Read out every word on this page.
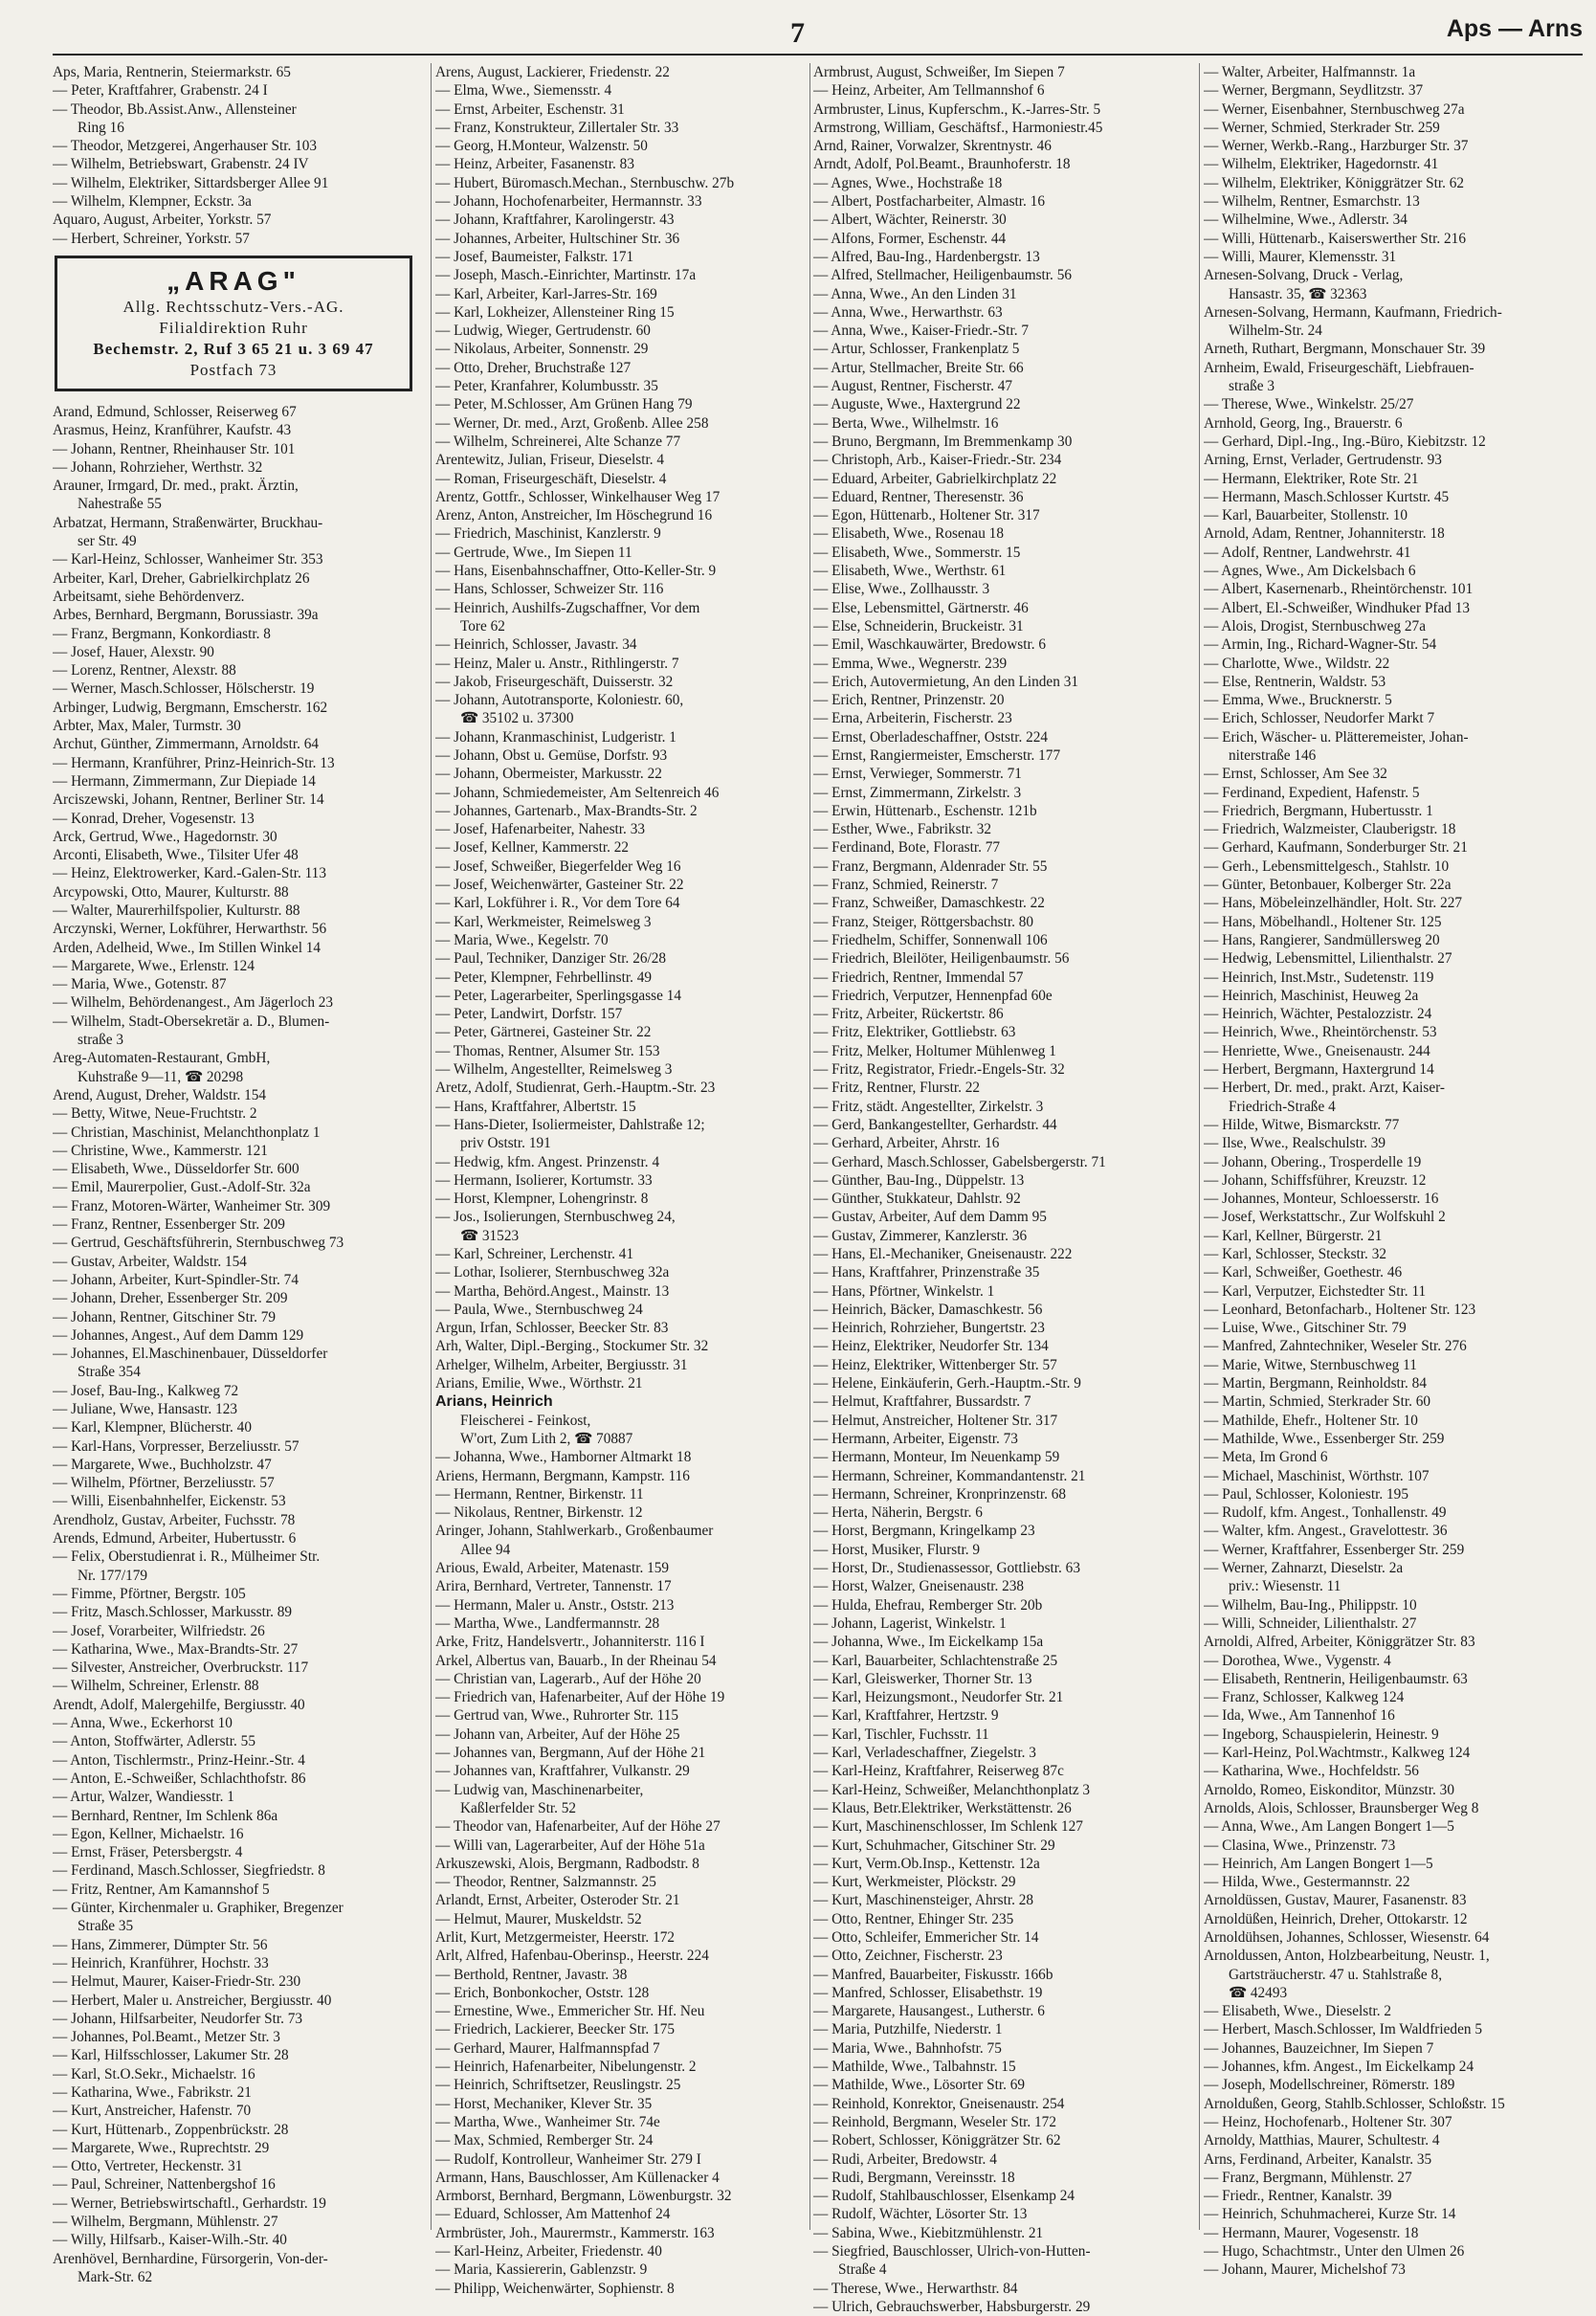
7	Aps — Arns
Aps, Maria, Rentnerin, Steiermarkstr. 65
— Peter, Kraftfahrer, Grabenstr. 24 I
— Theodor, Bb.Assist.Anw., Allensteiner
Ring 16
— Theodor, Metzgerei, Angerhauser Str. 103
— Wilhelm, Betriebswart, Grabenstr. 24 IV
— Wilhelm, Elektriker, Sittardsberger Allee 91
— Wilhelm, Klempner, Eckstr. 3a
Aquaro, August, Arbeiter, Yorkstr. 57
— Herbert, Schreiner, Yorkstr. 57
„ARAG"
Allg. Rechtsschutz-Vers.-AG.
Filialdirektion Ruhr
Bechemstr. 2, Ruf 3 65 21 u. 3 69 47
Postfach 73
Arand, Edmund, Schlosser, Reiserweg 67
Arasmus, Heinz, Kranführer, Kaufstr. 43
— Johann, Rentner, Rheinhauser Str. 101
— Johann, Rohrzieher, Werthstr. 32
Arauner, Irmgard, Dr. med., prakt. Ärztin,
Nahestraße 55
Arbatzat, Hermann, Straßenwärter, Bruckhau-
ser Str. 49
— Karl-Heinz, Schlosser, Wanheimer Str. 353
Arbeiter, Karl, Dreher, Gabrielkirchplatz 26
Arbeitsamt, siehe Behördenverz.
Arbes, Bernhard, Bergmann, Borussiastr. 39a
— Franz, Bergmann, Konkordiastr. 8
— Josef, Hauer, Alexstr. 90
— Lorenz, Rentner, Alexstr. 88
— Werner, Masch.Schlosser, Hölscherstr. 19
Arbinger, Ludwig, Bergmann, Emscherstr. 162
Arbter, Max, Maler, Turmstr. 30
Archut, Günther, Zimmermann, Arnoldstr. 64
— Hermann, Kranführer, Prinz-Heinrich-Str. 13
— Hermann, Zimmermann, Zur Diepiade 14
Arciszewski, Johann, Rentner, Berliner Str. 14
— Konrad, Dreher, Vogesenstr. 13
Arck, Gertrud, Wwe., Hagedornstr. 30
Arconti, Elisabeth, Wwe., Tilsiter Ufer 48
— Heinz, Elektrowerker, Kard.-Galen-Str. 113
Arcypowski, Otto, Maurer, Kulturstr. 88
— Walter, Maurerhilfspolier, Kulturstr. 88
Arczynski, Werner, Lokführer, Herwarthstr. 56
Arden, Adelheid, Wwe., Im Stillen Winkel 14
— Margarete, Wwe., Erlenstr. 124
— Maria, Wwe., Gotenstr. 87
— Wilhelm, Behördenangest., Am Jägerloch 23
— Wilhelm, Stadt-Obersekretär a. D., Blumen-
straße 3
Areg-Automaten-Restaurant, GmbH,
Kuhstraße 9—11, ☎ 20298
Arend, August, Dreher, Waldstr. 154
— Betty, Witwe, Neue-Fruchtstr. 2
— Christian, Maschinist, Melanchthonplatz 1
— Christine, Wwe., Kammerstr. 121
— Elisabeth, Wwe., Düsseldorfer Str. 600
— Emil, Maurerpolier, Gust.-Adolf-Str. 32a
— Franz, Motoren-Wärter, Wanheimer Str. 309
— Franz, Rentner, Essenberger Str. 209
— Gertrud, Geschäftsführerin, Sternbuschweg 73
— Gustav, Arbeiter, Waldstr. 154
— Johann, Arbeiter, Kurt-Spindler-Str. 74
— Johann, Dreher, Essenberger Str. 209
— Johann, Rentner, Gitschiner Str. 79
— Johannes, Angest., Auf dem Damm 129
— Johannes, El.Maschinenbauer, Düsseldorfer
Straße 354
— Josef, Bau-Ing., Kalkweg 72
— Juliane, Wwe, Hansastr. 123
— Karl, Klempner, Blücherstr. 40
— Karl-Hans, Vorpresser, Berzeliusstr. 57
— Margarete, Wwe., Buchholzstr. 47
— Wilhelm, Pförtner, Berzeliusstr. 57
— Willi, Eisenbahnhelfer, Eickenstr. 53
Arendholz, Gustav, Arbeiter, Fuchsstr. 78
Arends, Edmund, Arbeiter, Hubertusstr. 6
— Felix, Oberstudienrat i. R., Mülheimer Str.
Nr. 177/179
— Fimme, Pförtner, Bergstr. 105
— Fritz, Masch.Schlosser, Markusstr. 89
— Josef, Vorarbeiter, Wilfriedstr. 26
— Katharina, Wwe., Max-Brandts-Str. 27
— Silvester, Anstreicher, Overbruckstr. 117
— Wilhelm, Schreiner, Erlenstr. 88
Arendt, Adolf, Malergehilfe, Bergiusstr. 40
— Anna, Wwe., Eckerhorst 10
— Anton, Stoffwärter, Adlerstr. 55
— Anton, Tischlermstr., Prinz-Heinr.-Str. 4
— Anton, E.-Schweißer, Schlachthofstr. 86
— Artur, Walzer, Wandiesstr. 1
— Bernhard, Rentner, Im Schlenk 86a
— Egon, Kellner, Michaelstr. 16
— Ernst, Fräser, Petersbergstr. 4
— Ferdinand, Masch.Schlosser, Siegfriedstr. 8
— Fritz, Rentner, Am Kamannshof 5
— Günter, Kirchenmaler u. Graphiker, Bregenzer
Straße 35
— Hans, Zimmerer, Dümpter Str. 56
— Heinrich, Kranführer, Hochstr. 33
— Helmut, Maurer, Kaiser-Friedr-Str. 230
— Herbert, Maler u. Anstreicher, Bergiusstr. 40
— Johann, Hilfsarbeiter, Neudorfer Str. 73
— Johannes, Pol.Beamt., Metzer Str. 3
— Karl, Hilfsschlosser, Lakumer Str. 28
— Karl, St.O.Sekr., Michaelstr. 16
— Katharina, Wwe., Fabrikstr. 21
— Kurt, Anstreicher, Hafenstr. 70
— Kurt, Hüttenarb., Zoppenbrückstr. 28
— Margarete, Wwe., Ruprechtstr. 29
— Otto, Vertreter, Heckenstr. 31
— Paul, Schreiner, Nattenbergshof 16
— Werner, Betriebswirtschaftl., Gerhardstr. 19
— Wilhelm, Bergmann, Mühlenstr. 27
— Willy, Hilfsarb., Kaiser-Wilh.-Str. 40
Arenhövel, Bernhardine, Fürsorgerin, Von-der-
Mark-Str. 62
Arens, August, Lackierer, Friedenstr. 22
— Elma, Wwe., Siemensstr. 4
— Ernst, Arbeiter, Eschenstr. 31
— Franz, Konstrukteur, Zillertaler Str. 33
— Georg, H.Monteur, Walzenstr. 50
— Heinz, Arbeiter, Fasanenstr. 83
— Hubert, Büromasch.Mechan., Sternbuschw. 27b
— Johann, Hochofenarbeiter, Hermannstr. 33
— Johann, Kraftfahrer, Karolingerstr. 43
— Johannes, Arbeiter, Hultschiner Str. 36
— Josef, Baumeister, Falkstr. 171
— Joseph, Masch.-Einrichter, Martinstr. 17a
— Karl, Arbeiter, Karl-Jarres-Str. 169
— Karl, Lokheizer, Allensteiner Ring 15
— Ludwig, Wieger, Gertrudenstr. 60
— Nikolaus, Arbeiter, Sonnenstr. 29
— Otto, Dreher, Bruchstraße 127
— Peter, Kranfahrer, Kolumbusstr. 35
— Peter, M.Schlosser, Am Grünen Hang 79
— Werner, Dr. med., Arzt, Großenb. Allee 258
— Wilhelm, Schreinerei, Alte Schanze 77
Arentewitz, Julian, Friseur, Dieselstr. 4
— Roman, Friseurgeschäft, Dieselstr. 4
Arentz, Gottfr., Schlosser, Winkelhauser Weg 17
Arenz, Anton, Anstreicher, Im Höschegrund 16
— Friedrich, Maschinist, Kanzlerstr. 9
— Gertrude, Wwe., Im Siepen 11
— Hans, Eisenbahnschaffner, Otto-Keller-Str. 9
— Hans, Schlosser, Schweizer Str. 116
— Heinrich, Aushilfs-Zugschaffner, Vor dem
Tore 62
— Heinrich, Schlosser, Javastr. 34
— Heinz, Maler u. Anstr., Rithlingerstr. 7
— Jakob, Friseurgeschäft, Duisserstr. 32
— Johann, Autotransporte, Koloniestr. 60,
☎ 35102 u. 37300
— Johann, Kranmaschinist, Ludgeristr. 1
— Johann, Obst u. Gemüse, Dorfstr. 93
— Johann, Obermeister, Markusstr. 22
— Johann, Schmiedemeister, Am Seltenreich 46
— Johannes, Gartenarb., Max-Brandts-Str. 2
— Josef, Hafenarbeiter, Nahestr. 33
— Josef, Kellner, Kammerstr. 22
— Josef, Schweißer, Biegerfelder Weg 16
— Josef, Weichenwärter, Gasteiner Str. 22
— Karl, Lokführer i. R., Vor dem Tore 64
— Karl, Werkmeister, Reimelsweg 3
— Maria, Wwe., Kegelstr. 70
— Paul, Techniker, Danziger Str. 26/28
— Peter, Klempner, Fehrbellinstr. 49
— Peter, Lagerarbeiter, Sperlingsgasse 14
— Peter, Landwirt, Dorfstr. 157
— Peter, Gärtnerei, Gasteiner Str. 22
— Thomas, Rentner, Alsumer Str. 153
— Wilhelm, Angestellter, Reimelsweg 3
Aretz, Adolf, Studienrat, Gerh.-Hauptm.-Str. 23
— Hans, Kraftfahrer, Albertstr. 15
— Hans-Dieter, Isoliermeister, Dahlstraße 12;
priv Oststr. 191
— Hedwig, kfm. Angest. Prinzenstr. 4
— Hermann, Isolierer, Kortumstr. 33
— Horst, Klempner, Lohengrinstr. 8
— Jos., Isolierungen, Sternbuschweg 24,
☎ 31523
— Karl, Schreiner, Lerchenstr. 41
— Lothar, Isolierer, Sternbuschweg 32a
— Martha, Behörd.Angest., Mainstr. 13
— Paula, Wwe., Sternbuschweg 24
Argun, Irfan, Schlosser, Beecker Str. 83
Arh, Walter, Dipl.-Berging., Stockumer Str. 32
Arhelger, Wilhelm, Arbeiter, Bergiusstr. 31
Arians, Emilie, Wwe., Wörthstr. 21
Arians, Heinrich
Fleischerei - Feinkost,
W'ort, Zum Lith 2, ☎ 70887
— Johanna, Wwe., Hamborner Altmarkt 18
Ariens, Hermann, Bergmann, Kampstr. 116
— Hermann, Rentner, Birkenstr. 11
— Nikolaus, Rentner, Birkenstr. 12
Aringer, Johann, Stahlwerkarb., Großenbaumer
Allee 94
Arious, Ewald, Arbeiter, Matenastr. 159
Arira, Bernhard, Vertreter, Tannenstr. 17
— Hermann, Maler u. Anstr., Oststr. 213
— Martha, Wwe., Landfermannstr. 28
Arke, Fritz, Handelsvertr., Johanniterstr. 116 I
Arkel, Albertus van, Bauarb., In der Rheinau 54
— Christian van, Lagerarb., Auf der Höhe 20
— Friedrich van, Hafenarbeiter, Auf der Höhe 19
— Gertrud van, Wwe., Ruhrorter Str. 115
— Johann van, Arbeiter, Auf der Höhe 25
— Johannes van, Bergmann, Auf der Höhe 21
— Johannes van, Kraftfahrer, Vulkanstr. 29
— Ludwig van, Maschinenarbeiter,
Kaßlerfelder Str. 52
— Theodor van, Hafenarbeiter, Auf der Höhe 27
— Willi van, Lagerarbeiter, Auf der Höhe 51a
Arkuszewski, Alois, Bergmann, Radbodstr. 8
— Theodor, Rentner, Salzmannstr. 25
Arlandt, Ernst, Arbeiter, Osteroder Str. 21
— Helmut, Maurer, Muskeldstr. 52
Arlit, Kurt, Metzgermeister, Heerstr. 172
Arlt, Alfred, Hafenbau-Oberinsp., Heerstr. 224
— Berthold, Rentner, Javastr. 38
— Erich, Bonbonkocher, Oststr. 128
— Ernestine, Wwe., Emmericher Str. Hf. Neu
— Friedrich, Lackierer, Beecker Str. 175
— Gerhard, Maurer, Halfmannspfad 7
— Heinrich, Hafenarbeiter, Nibelungenstr. 2
— Heinrich, Schriftsetzer, Reuslingstr. 25
— Horst, Mechaniker, Klever Str. 35
— Martha, Wwe., Wanheimer Str. 74e
— Max, Schmied, Remberger Str. 24
— Rudolf, Kontrolleur, Wanheimer Str. 279 I
Armann, Hans, Bauschlosser, Am Küllenacker 4
Armborst, Bernhard, Bergmann, Löwenburgstr. 32
— Eduard, Schlosser, Am Mattenhof 24
Armbrüster, Joh., Maurermstr., Kammerstr. 163
— Karl-Heinz, Arbeiter, Friedenstr. 40
— Maria, Kassiererin, Gablenzstr. 9
— Philipp, Weichenwärter, Sophienstr. 8
Armbrust, August, Schweißer, Im Siepen 7
— Heinz, Arbeiter, Am Tellmannshof 6
Armbruster, Linus, Kupferschm., K.-Jarres-Str. 5
Armstrong, William, Geschäftsf., Harmoniestr.45
Arnd, Rainer, Vorwalzer, Skrentnystr. 46
Arndt, Adolf, Pol.Beamt., Braunhoferstr. 18
— Agnes, Wwe., Hochstraße 18
— Albert, Postfacharbeiter, Almastr. 16
— Albert, Wächter, Reinerstr. 30
— Alfons, Former, Eschenstr. 44
— Alfred, Bau-Ing., Hardenbergstr. 13
— Alfred, Stellmacher, Heiligenbaumstr. 56
— Anna, Wwe., An den Linden 31
— Anna, Wwe., Herwarthstr. 63
— Anna, Wwe., Kaiser-Friedr.-Str. 7
— Artur, Schlosser, Frankenplatz 5
— Artur, Stellmacher, Breite Str. 66
— August, Rentner, Fischerstr. 47
— Auguste, Wwe., Haxtergrund 22
— Berta, Wwe., Wilhelmstr. 16
— Bruno, Bergmann, Im Bremmenkamp 30
— Christoph, Arb., Kaiser-Friedr.-Str. 234
— Eduard, Arbeiter, Gabrielkirchplatz 22
— Eduard, Rentner, Theresenstr. 36
— Egon, Hüttenarb., Holtener Str. 317
— Elisabeth, Wwe., Rosenau 18
— Elisabeth, Wwe., Sommerstr. 15
— Elisabeth, Wwe., Werthstr. 61
— Elise, Wwe., Zollhausstr. 3
— Else, Lebensmittel, Gärtnerstr. 46
— Else, Schneiderin, Bruckeistr. 31
— Emil, Waschkauwärter, Bredowstr. 6
— Emma, Wwe., Wegnerstr. 239
— Erich, Autovermietung, An den Linden 31
— Erich, Rentner, Prinzenstr. 20
— Erna, Arbeiterin, Fischerstr. 23
— Ernst, Oberladeschaffner, Oststr. 224
— Ernst, Rangiermeister, Emscherstr. 177
— Ernst, Verwieger, Sommerstr. 71
— Ernst, Zimmermann, Zirkelstr. 3
— Erwin, Hüttenarb., Eschenstr. 121b
— Esther, Wwe., Fabrikstr. 32
— Ferdinand, Bote, Florastr. 77
— Franz, Bergmann, Aldenrader Str. 55
— Franz, Schmied, Reinerstr. 7
— Franz, Schweißer, Damaschkestr. 22
— Franz, Steiger, Röttgersbachstr. 80
— Friedhelm, Schiffer, Sonnenwall 106
— Friedrich, Bleilöter, Heiligenbaumstr. 56
— Friedrich, Rentner, Immendal 57
— Friedrich, Verputzer, Hennenpfad 60e
— Fritz, Arbeiter, Rückertstr. 86
— Fritz, Elektriker, Gottliebstr. 63
— Fritz, Melker, Holtumer Mühlenweg 1
— Fritz, Registrator, Friedr.-Engels-Str. 32
— Fritz, Rentner, Flurstr. 22
— Fritz, städt. Angestellter, Zirkelstr. 3
— Gerd, Bankangestellter, Gerhardstr. 44
— Gerhard, Arbeiter, Ahrstr. 16
— Gerhard, Masch.Schlosser, Gabelsbergerstr. 71
— Günther, Bau-Ing., Düppelstr. 13
— Günther, Stukkateur, Dahlstr. 92
— Gustav, Arbeiter, Auf dem Damm 95
— Gustav, Zimmerer, Kanzlerstr. 36
— Hans, El.-Mechaniker, Gneisenaustr. 222
— Hans, Kraftfahrer, Prinzenstraße 35
— Hans, Pförtner, Winkelstr. 1
— Heinrich, Bäcker, Damaschkestr. 56
— Heinrich, Rohrzieher, Bungertstr. 23
— Heinz, Elektriker, Neudorfer Str. 134
— Heinz, Elektriker, Wittenberger Str. 57
— Helene, Einkäuferin, Gerh.-Hauptm.-Str. 9
— Helmut, Kraftfahrer, Bussardstr. 7
— Helmut, Anstreicher, Holtener Str. 317
— Hermann, Arbeiter, Eigenstr. 73
— Hermann, Monteur, Im Neuenkamp 59
— Hermann, Schreiner, Kommandantenstr. 21
— Hermann, Schreiner, Kronprinzenstr. 68
— Herta, Näherin, Bergstr. 6
— Horst, Bergmann, Kringelkamp 23
— Horst, Musiker, Flurstr. 9
— Horst, Dr., Studienassessor, Gottliebstr. 63
— Horst, Walzer, Gneisenaustr. 238
— Hulda, Ehefrau, Remberger Str. 20b
— Johann, Lagerist, Winkelstr. 1
— Johanna, Wwe., Im Eickelkamp 15a
— Karl, Bauarbeiter, Schlachtenstraße 25
— Karl, Gleiswerker, Thorner Str. 13
— Karl, Heizungsmont., Neudorfer Str. 21
— Karl, Kraftfahrer, Hertzstr. 9
— Karl, Tischler, Fuchsstr. 11
— Karl, Verladeschaffner, Ziegelstr. 3
— Karl-Heinz, Kraftfahrer, Reiserweg 87c
— Karl-Heinz, Schweißer, Melanchthonplatz 3
— Klaus, Betr.Elektriker, Werkstättenstr. 26
— Kurt, Maschinenschlosser, Im Schlenk 127
— Kurt, Schuhmacher, Gitschiner Str. 29
— Kurt, Verm.Ob.Insp., Kettenstr. 12a
— Kurt, Werkmeister, Plöckstr. 29
— Kurt, Maschinensteiger, Ahrstr. 28
— Otto, Rentner, Ehinger Str. 235
— Otto, Schleifer, Emmericher Str. 14
— Otto, Zeichner, Fischerstr. 23
— Manfred, Bauarbeiter, Fiskusstr. 166b
— Manfred, Schlosser, Elisabethstr. 19
— Margarete, Hausangest., Lutherstr. 6
— Maria, Putzhilfe, Niederstr. 1
— Maria, Wwe., Bahnhofstr. 75
— Mathilde, Wwe., Talbahnstr. 15
— Mathilde, Wwe., Lösorter Str. 69
— Reinhold, Konrektor, Gneisenaustr. 254
— Reinhold, Bergmann, Weseler Str. 172
— Robert, Schlosser, Königgrätzer Str. 62
— Rudi, Arbeiter, Bredowstr. 4
— Rudi, Bergmann, Vereinsstr. 18
— Rudolf, Stahlbauschlosser, Elsenkamp 24
— Rudolf, Wächter, Lösorter Str. 13
— Sabina, Wwe., Kiebitzmühlenstr. 21
— Siegfried, Bauschlosser, Ulrich-von-Hutten-
Straße 4
— Therese, Wwe., Herwarthstr. 84
— Ulrich, Gebrauchswerber, Habsburgerstr. 29
— Walter, Arbeiter, Halfmannstr. 1a
— Werner, Bergmann, Seydlitzstr. 37
— Werner, Eisenbahner, Sternbuschweg 27a
— Werner, Schmied, Sterkrader Str. 259
— Werner, Werkb.-Rang., Harzburger Str. 37
— Wilhelm, Elektriker, Hagedornstr. 41
— Wilhelm, Elektriker, Königgrätzer Str. 62
— Wilhelm, Rentner, Esmarchstr. 13
— Wilhelmine, Wwe., Adlerstr. 34
— Willi, Hüttenarb., Kaiserswerther Str. 216
— Willi, Maurer, Klemensstr. 31
Arnesen-Solvang, Druck - Verlag,
Hansastr. 35, ☎ 32363
Arnesen-Solvang, Hermann, Kaufmann, Friedrich-
Wilhelm-Str. 24
Arneth, Ruthart, Bergmann, Monschauer Str. 39
Arnheim, Ewald, Friseurgeschäft, Liebfrauen-
straße 3
— Therese, Wwe., Winkelstr. 25/27
Arnhold, Georg, Ing., Brauerstr. 6
— Gerhard, Dipl.-Ing., Ing.-Büro, Kiebitzstr. 12
Arning, Ernst, Verlader, Gertrudenstr. 93
— Hermann, Elektriker, Rote Str. 21
— Hermann, Masch.Schlosser Kurtstr. 45
— Karl, Bauarbeiter, Stollenstr. 10
Arnold, Adam, Rentner, Johanniterstr. 18
— Adolf, Rentner, Landwehrstr. 41
— Agnes, Wwe., Am Dickelsbach 6
— Albert, Kasernenarb., Rheintörchenstr. 101
— Albert, El.-Schweißer, Windhuker Pfad 13
— Alois, Drogist, Sternbuschweg 27a
— Armin, Ing., Richard-Wagner-Str. 54
— Charlotte, Wwe., Wildstr. 22
— Else, Rentnerin, Waldstr. 53
— Emma, Wwe., Brucknerstr. 5
— Erich, Schlosser, Neudorfer Markt 7
— Erich, Wäscher- u. Plätteremeister, Johan-
niterstraße 146
— Ernst, Schlosser, Am See 32
— Ferdinand, Expedient, Hafenstr. 5
— Friedrich, Bergmann, Hubertusstr. 1
— Friedrich, Walzmeister, Clauberigstr. 18
— Gerhard, Kaufmann, Sonderburger Str. 21
— Gerh., Lebensmittelgesch., Stahlstr. 10
— Günter, Betonbauer, Kolberger Str. 22a
— Hans, Möbeleinzelhändler, Holt. Str. 227
— Hans, Möbelhandl., Holtener Str. 125
— Hans, Rangierer, Sandmüllersweg 20
— Hedwig, Lebensmittel, Lilienthalstr. 27
— Heinrich, Inst.Mstr., Sudetenstr. 119
— Heinrich, Maschinist, Heuweg 2a
— Heinrich, Wächter, Pestalozzistr. 24
— Heinrich, Wwe., Rheintörchenstr. 53
— Henriette, Wwe., Gneisenaustr. 244
— Herbert, Bergmann, Haxtergrund 14
— Herbert, Dr. med., prakt. Arzt, Kaiser-
Friedrich-Straße 4
— Hilde, Witwe, Bismarckstr. 77
— Ilse, Wwe., Realschulstr. 39
— Johann, Obering., Trosperdelle 19
— Johann, Schiffsführer, Kreuzstr. 12
— Johannes, Monteur, Schloesserstr. 16
— Josef, Werkstattschr., Zur Wolfskuhl 2
— Karl, Kellner, Bürgerstr. 21
— Karl, Schlosser, Steckstr. 32
— Karl, Schweißer, Goethestr. 46
— Karl, Verputzer, Eichstedter Str. 11
— Leonhard, Betonfacharb., Holtener Str. 123
— Luise, Wwe., Gitschiner Str. 79
— Manfred, Zahntechniker, Weseler Str. 276
— Marie, Witwe, Sternbuschweg 11
— Martin, Bergmann, Reinholdstr. 84
— Martin, Schmied, Sterkrader Str. 60
— Mathilde, Ehefr., Holtener Str. 10
— Mathilde, Wwe., Essenberger Str. 259
— Meta, Im Grond 6
— Michael, Maschinist, Wörthstr. 107
— Paul, Schlosser, Koloniestr. 195
— Rudolf, kfm. Angest., Tonhallenstr. 49
— Walter, kfm. Angest., Gravelottestr. 36
— Werner, Kraftfahrer, Essenberger Str. 259
— Werner, Zahnarzt, Dieselstr. 2a
priv.: Wiesenstr. 11
— Wilhelm, Bau-Ing., Philippstr. 10
— Willi, Schneider, Lilienthalstr. 27
Arnoldi, Alfred, Arbeiter, Königgrätzer Str. 83
— Dorothea, Wwe., Vygenstr. 4
— Elisabeth, Rentnerin, Heiligenbaumstr. 63
— Franz, Schlosser, Kalkweg 124
— Ida, Wwe., Am Tannenhof 16
— Ingeborg, Schauspielerin, Heinestr. 9
— Karl-Heinz, Pol.Wachtmstr., Kalkweg 124
— Katharina, Wwe., Hochfeldstr. 56
Arnoldo, Romeo, Eiskonditor, Münzstr. 30
Arnolds, Alois, Schlosser, Braunsberger Weg 8
— Anna, Wwe., Am Langen Bongert 1—5
— Clasina, Wwe., Prinzenstr. 73
— Heinrich, Am Langen Bongert 1—5
— Hilda, Wwe., Gestermannstr. 22
Arnoldüssen, Gustav, Maurer, Fasanenstr. 83
Arnoldüßen, Heinrich, Dreher, Ottokarstr. 12
Arnoldühsen, Johannes, Schlosser, Wiesenstr. 64
Arnoldussen, Anton, Holzbearbeitung, Neustr. 1,
Gartsträucherstr. 47 u. Stahlstraße 8,
☎ 42493
— Elisabeth, Wwe., Dieselstr. 2
— Herbert, Masch.Schlosser, Im Waldfrieden 5
— Johannes, Bauzeichner, Im Siepen 7
— Johannes, kfm. Angest., Im Eickelkamp 24
— Joseph, Modellschreiner, Römerstr. 189
Arnoldußen, Georg, Stahlb.Schlosser, Schloßstr. 15
— Heinz, Hochofenarb., Holtener Str. 307
Arnoldy, Matthias, Maurer, Schultestr. 4
Arns, Ferdinand, Arbeiter, Kanalstr. 35
— Franz, Bergmann, Mühlenstr. 27
— Friedr., Rentner, Kanalstr. 39
— Heinrich, Schuhmacherei, Kurze Str. 14
— Hermann, Maurer, Vogesenstr. 18
— Hugo, Schachtmstr., Unter den Ulmen 26
— Johann, Maurer, Michelshof 73
